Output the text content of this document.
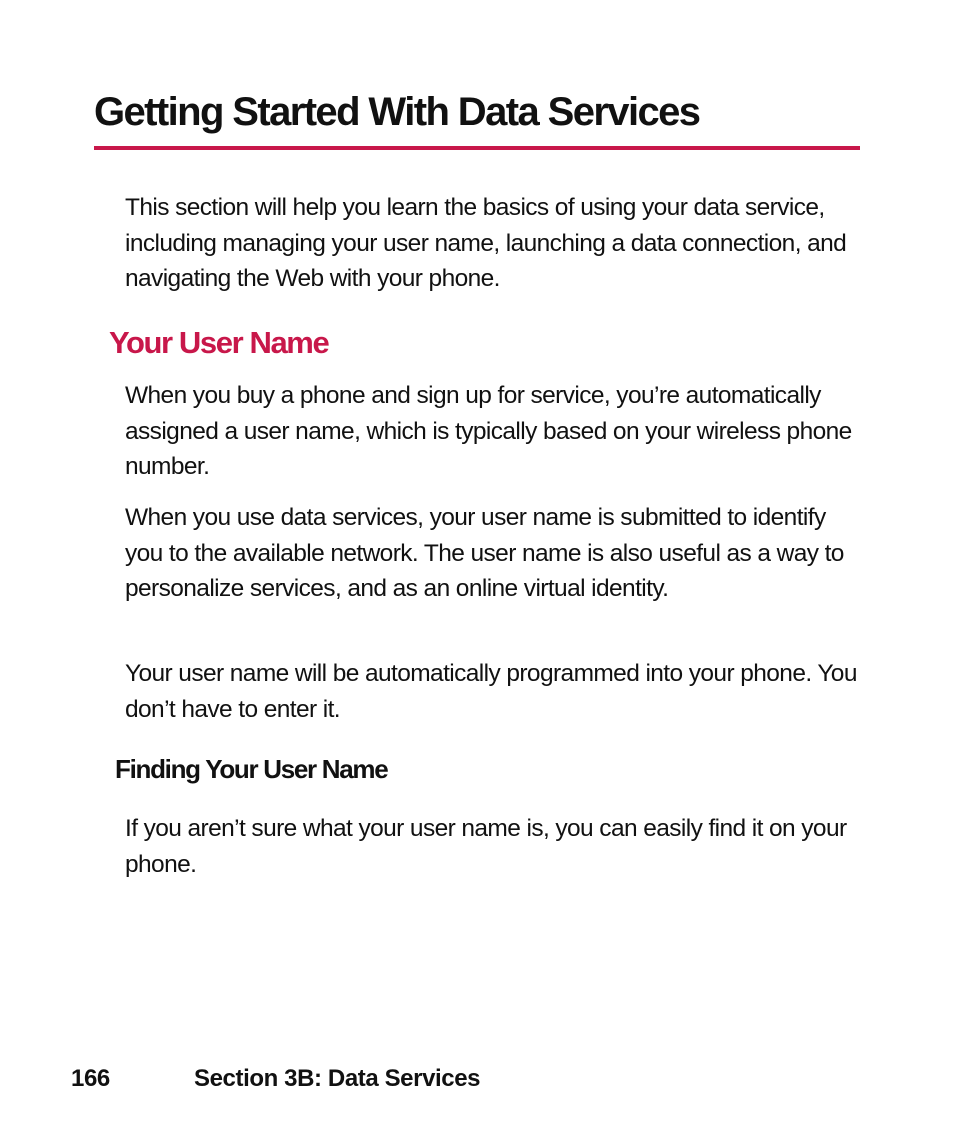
Getting Started With Data Services

This section will help you learn the basics of using your data service, including managing your user name, launching a data connection, and navigating the Web with your phone.

Your User Name

When you buy a phone and sign up for service, you’re automatically assigned a user name, which is typically based on your wireless phone number.

When you use data services, your user name is submitted to identify you to the available network. The user name is also useful as a way to personalize services, and as an online virtual identity.

Your user name will be automatically programmed into your phone. You don’t have to enter it.

Finding Your User Name

If you aren’t sure what your user name is, you can easily find it on your phone.

166	Section 3B: Data Services
